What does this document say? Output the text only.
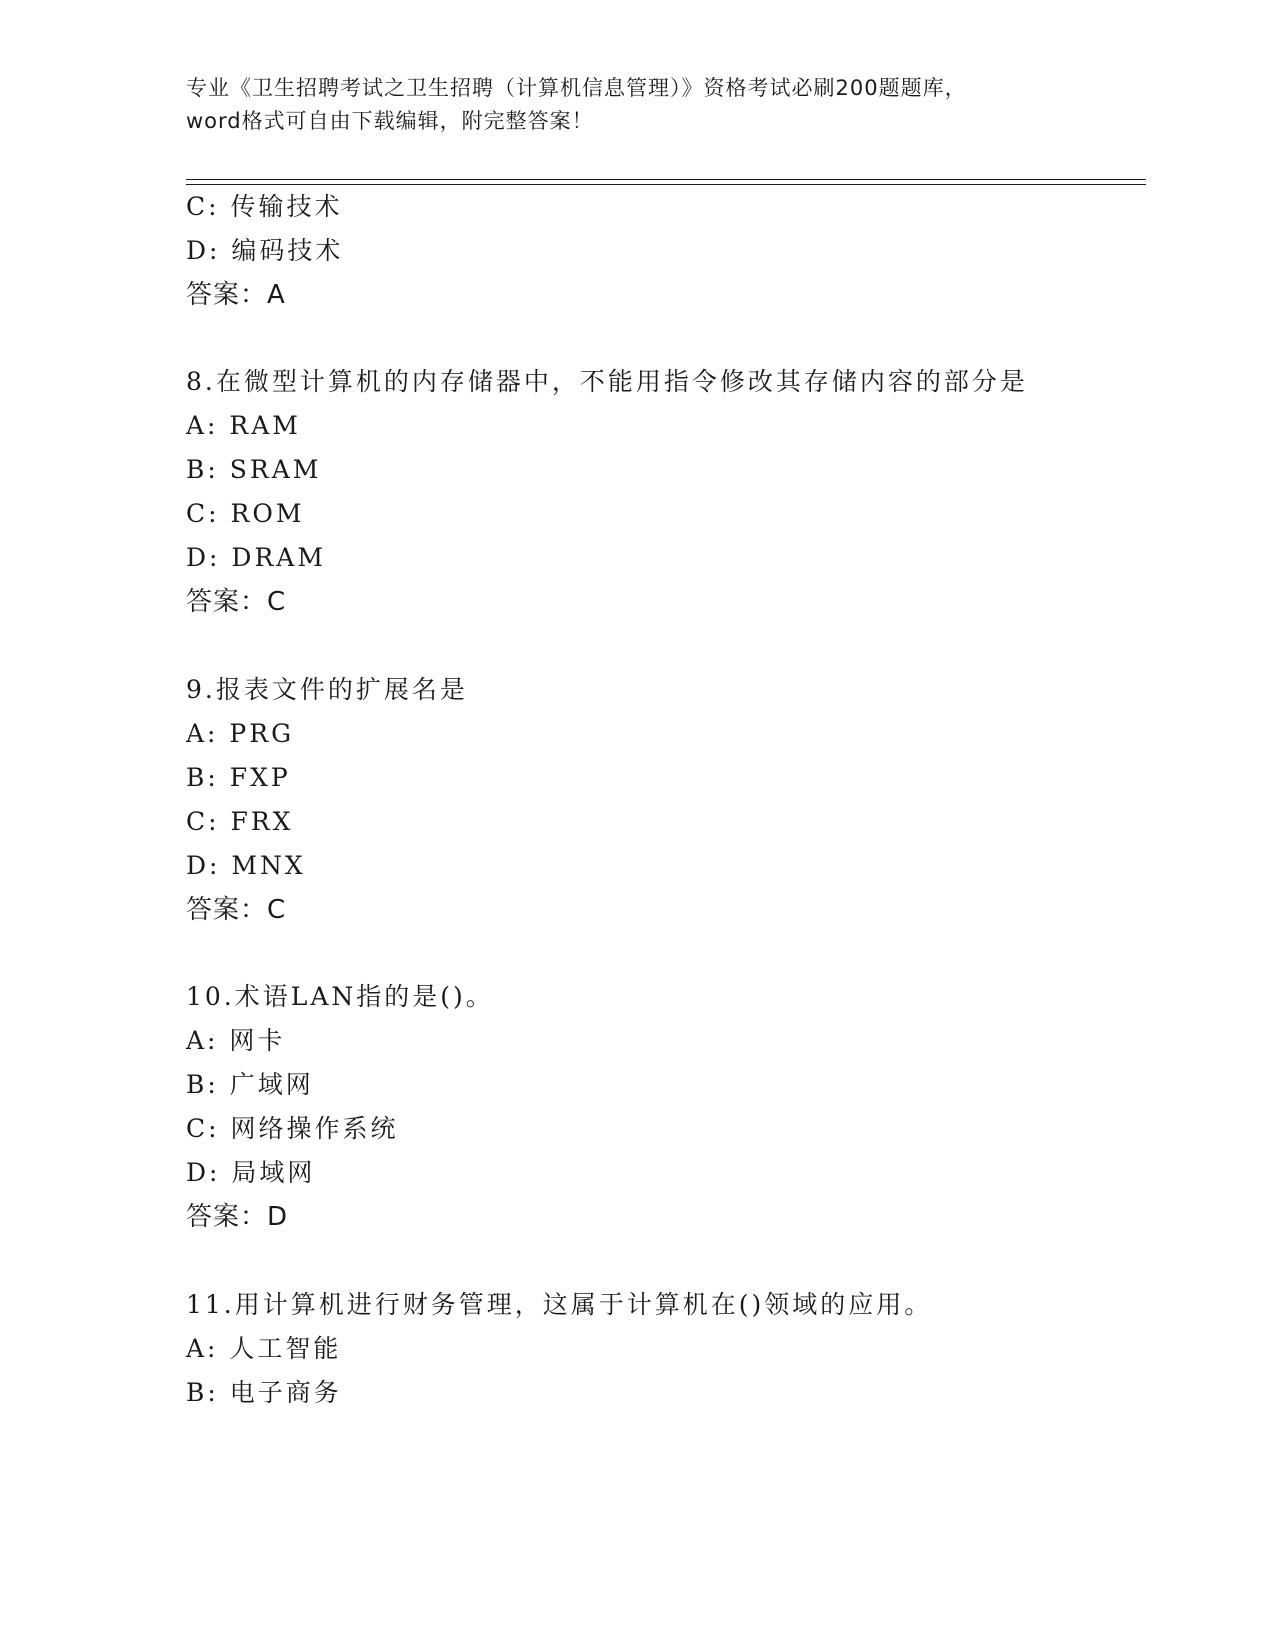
专业《卫生招聘考试之卫生招聘（计算机信息管理）》资格考试必刷200题题库，
word格式可自由下载编辑，附完整答案！
C: 传输技术
D: 编码技术
答案：A
8.在微型计算机的内存储器中，不能用指令修改其存储内容的部分是
A: RAM
B: SRAM
C: ROM
D: DRAM
答案：C
9.报表文件的扩展名是
A: PRG
B: FXP
C: FRX
D: MNX
答案：C
10.术语LAN指的是()。
A: 网卡
B: 广域网
C: 网络操作系统
D: 局域网
答案：D
11.用计算机进行财务管理，这属于计算机在()领域的应用。
A: 人工智能
B: 电子商务
